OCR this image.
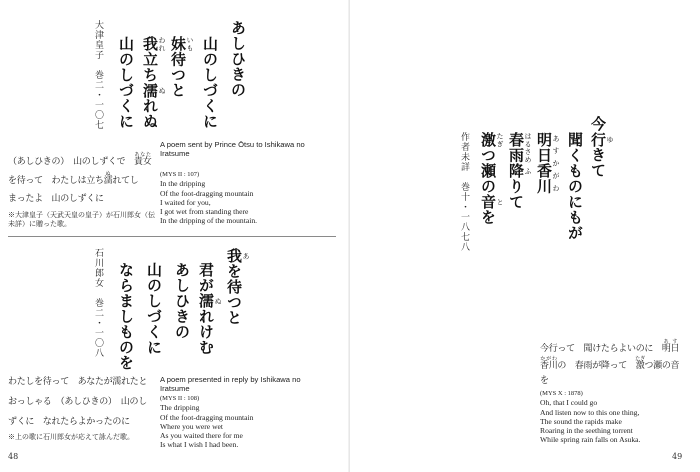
48
あしひきの
山のしづくに
妹 いも待つと
我 われ立ち濡 ぬれぬ
山のしづくに
大津皇子　巻二・一〇七
（あしひきの）　山のしずくで　貴女あなた
を待って　わたしは立ち濡ぬれてし
まったよ　山のしずくに
※大津皇子（天武天皇の皇子）が石川郎女（伝未詳）に贈った歌。
A poem sent by Prince Ōtsu to Ishikawa no Iratsume
(MYS II : 107)
In the dripping
Of the foot-dragging mountain
I waited for you,
I got wet from standing there
In the dripping of the mountain.
我 あを待つと
君が濡 ぬれけむ
あしひきの
山のしづくに
ならましものを
石川郎女　巻二・一〇八
わたしを待って　あなたが濡れたと
おっしゃる　（あしひきの）　山のし
ずくに　なれたらよかったのに
※上の歌に石川郎女が応えて詠んだ歌。
A poem presented in reply by Ishikawa no Iratsume
(MYS II : 108)
The dripping
Of the foot-dragging mountain
Where you were wet
As you waited there for me
Is what I wish I had been.
49
今行 ゆきて
聞くものにもが
明日香川 あすかがわ
春雨 はるさめ降 ふりて
激 たぎつ瀬の音 とを
作者未詳　巻十・一八七八
今行って　聞けたらよいのに　明日あす
香川かがわの　春雨が降って　激たぎつ瀬の音
を
(MYS X : 1878)
Oh, that I could go
And listen now to this one thing,
The sound the rapids make
Roaring in the seething torrent
While spring rain falls on Asuka.
